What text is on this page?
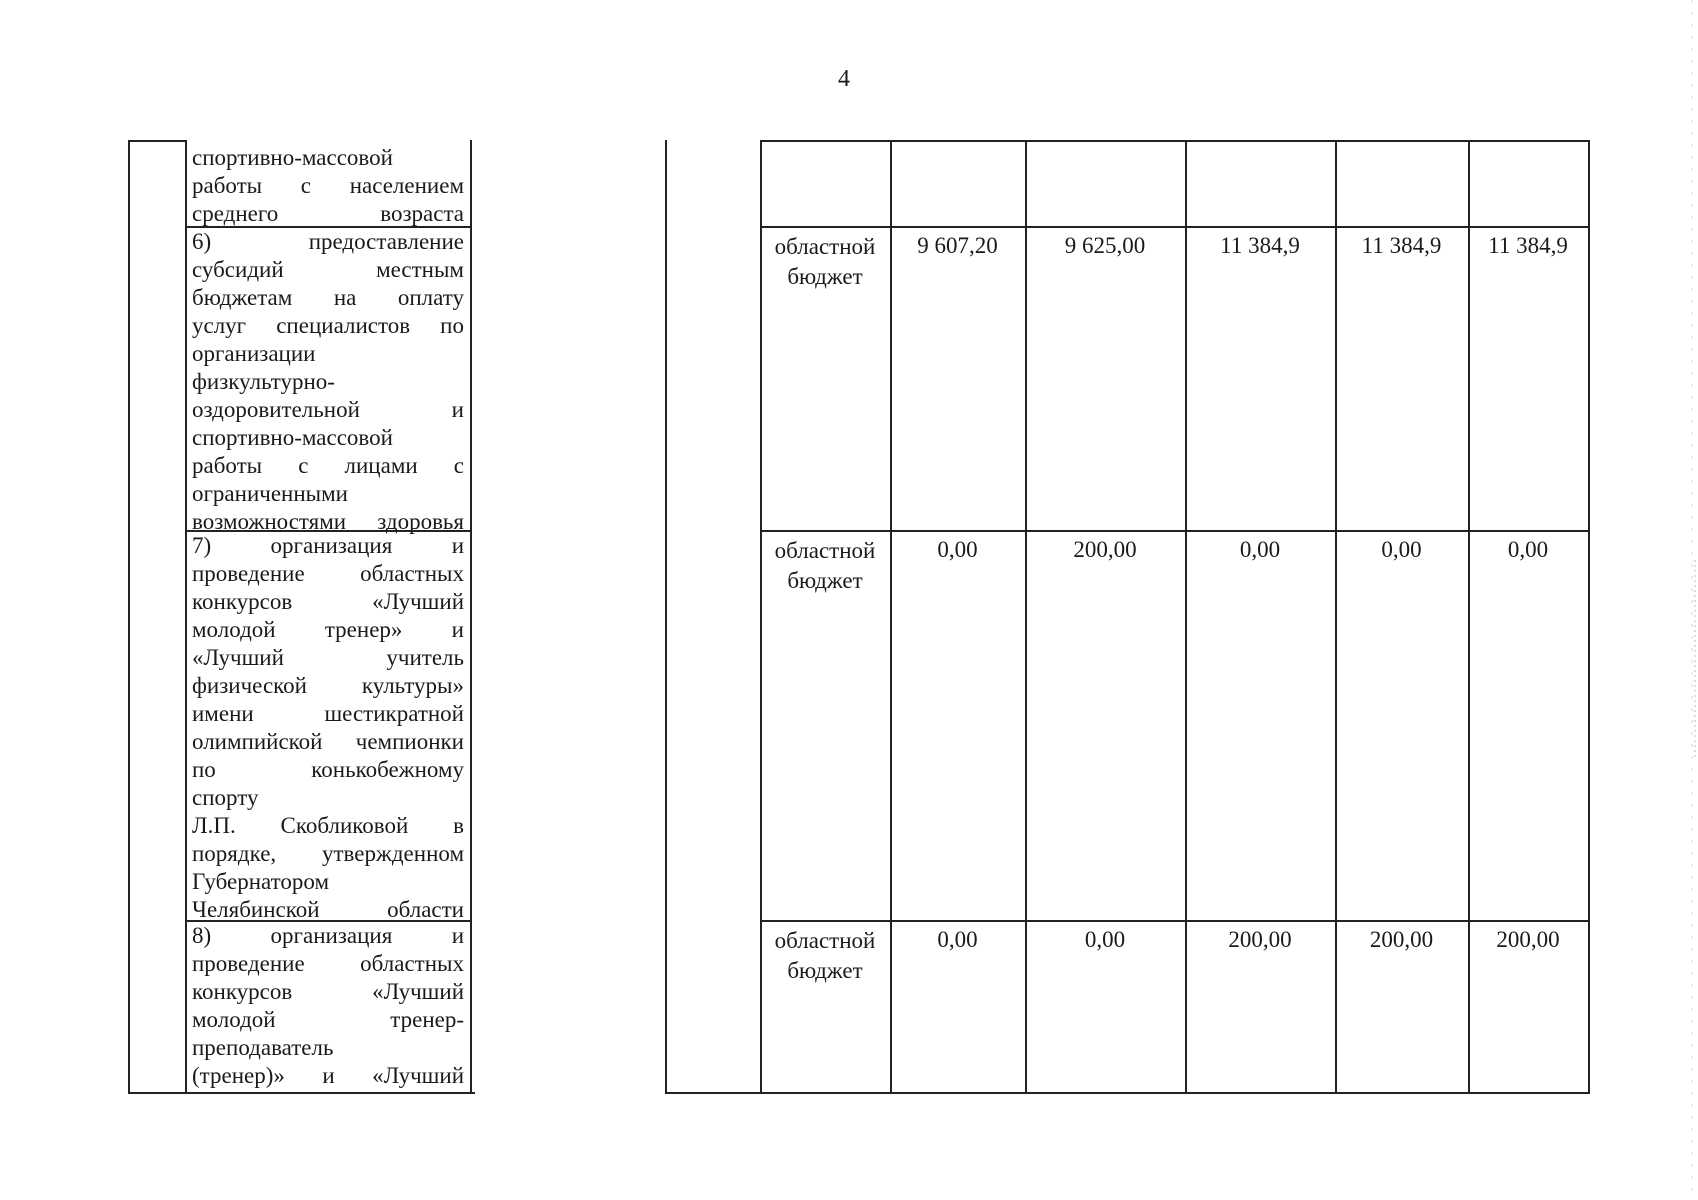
4
спортивно-массовой
работы с населением
среднего возраста
6) предоставление
субсидий местным
бюджетам на оплату
услуг специалистов по
организации
физкультурно-
оздоровительной и
спортивно-массовой
работы с лицами с
ограниченными
возможностями здоровья
областной бюджет
9 607,20	9 625,00	11 384,9	11 384,9	11 384,9
7) организация и
проведение областных
конкурсов «Лучший
молодой тренер» и
«Лучший учитель
физической культуры»
имени шестикратной
олимпийской чемпионки
по конькобежному
спорту
Л.П. Скобликовой в
порядке, утвержденном
Губернатором
Челябинской области
областной бюджет
0,00	200,00	0,00	0,00	0,00
8) организация и
проведение областных
конкурсов «Лучший
молодой тренер-
преподаватель
(тренер)» и «Лучший
областной бюджет
0,00	0,00	200,00	200,00	200,00
